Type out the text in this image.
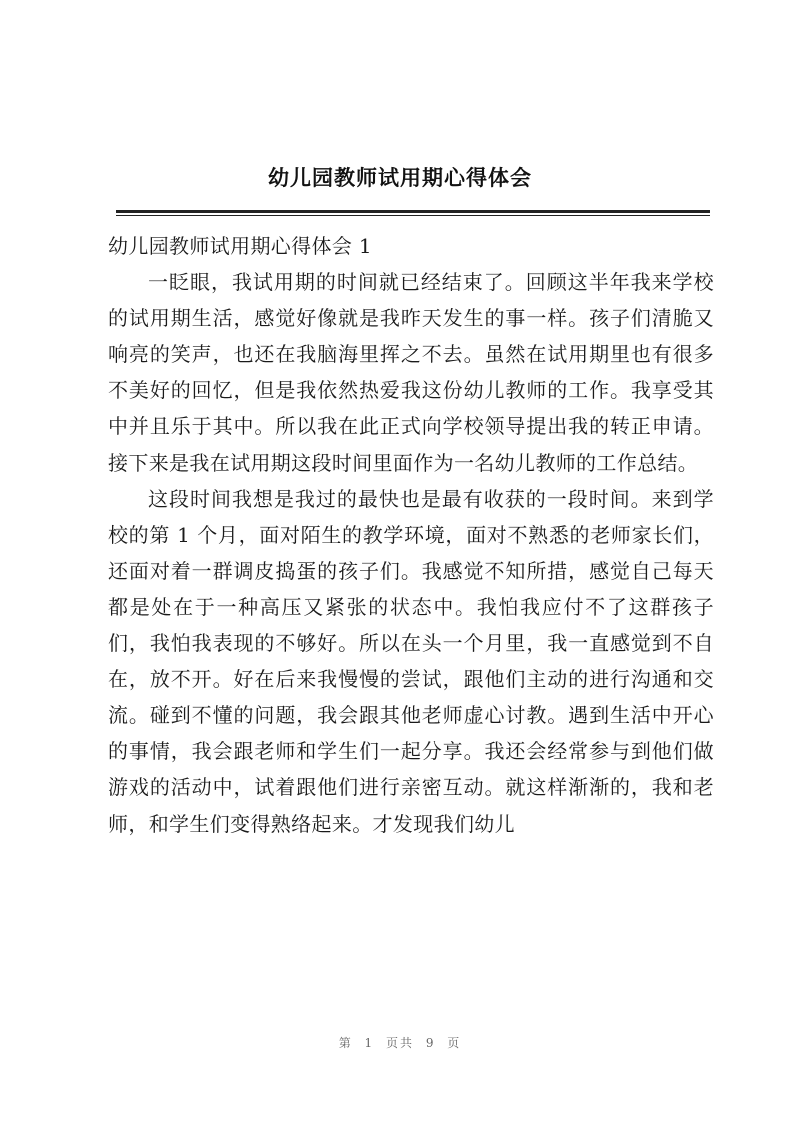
幼儿园教师试用期心得体会

幼儿园教师试用期心得体会 1

一眨眼，我试用期的时间就已经结束了。回顾这半年我来学校的试用期生活，感觉好像就是我昨天发生的事一样。孩子们清脆又响亮的笑声，也还在我脑海里挥之不去。虽然在试用期里也有很多不美好的回忆，但是我依然热爱我这份幼儿教师的工作。我享受其中并且乐于其中。所以我在此正式向学校领导提出我的转正申请。接下来是我在试用期这段时间里面作为一名幼儿教师的工作总结。

这段时间我想是我过的最快也是最有收获的一段时间。来到学校的第 1 个月，面对陌生的教学环境，面对不熟悉的老师家长们，还面对着一群调皮捣蛋的孩子们。我感觉不知所措，感觉自己每天都是处在于一种高压又紧张的状态中。我怕我应付不了这群孩子们，我怕我表现的不够好。所以在头一个月里，我一直感觉到不自在，放不开。好在后来我慢慢的尝试，跟他们主动的进行沟通和交流。碰到不懂的问题，我会跟其他老师虚心讨教。遇到生活中开心的事情，我会跟老师和学生们一起分享。我还会经常参与到他们做游戏的活动中，试着跟他们进行亲密互动。就这样渐渐的，我和老师，和学生们变得熟络起来。才发现我们幼儿

第 1 页共 9 页
